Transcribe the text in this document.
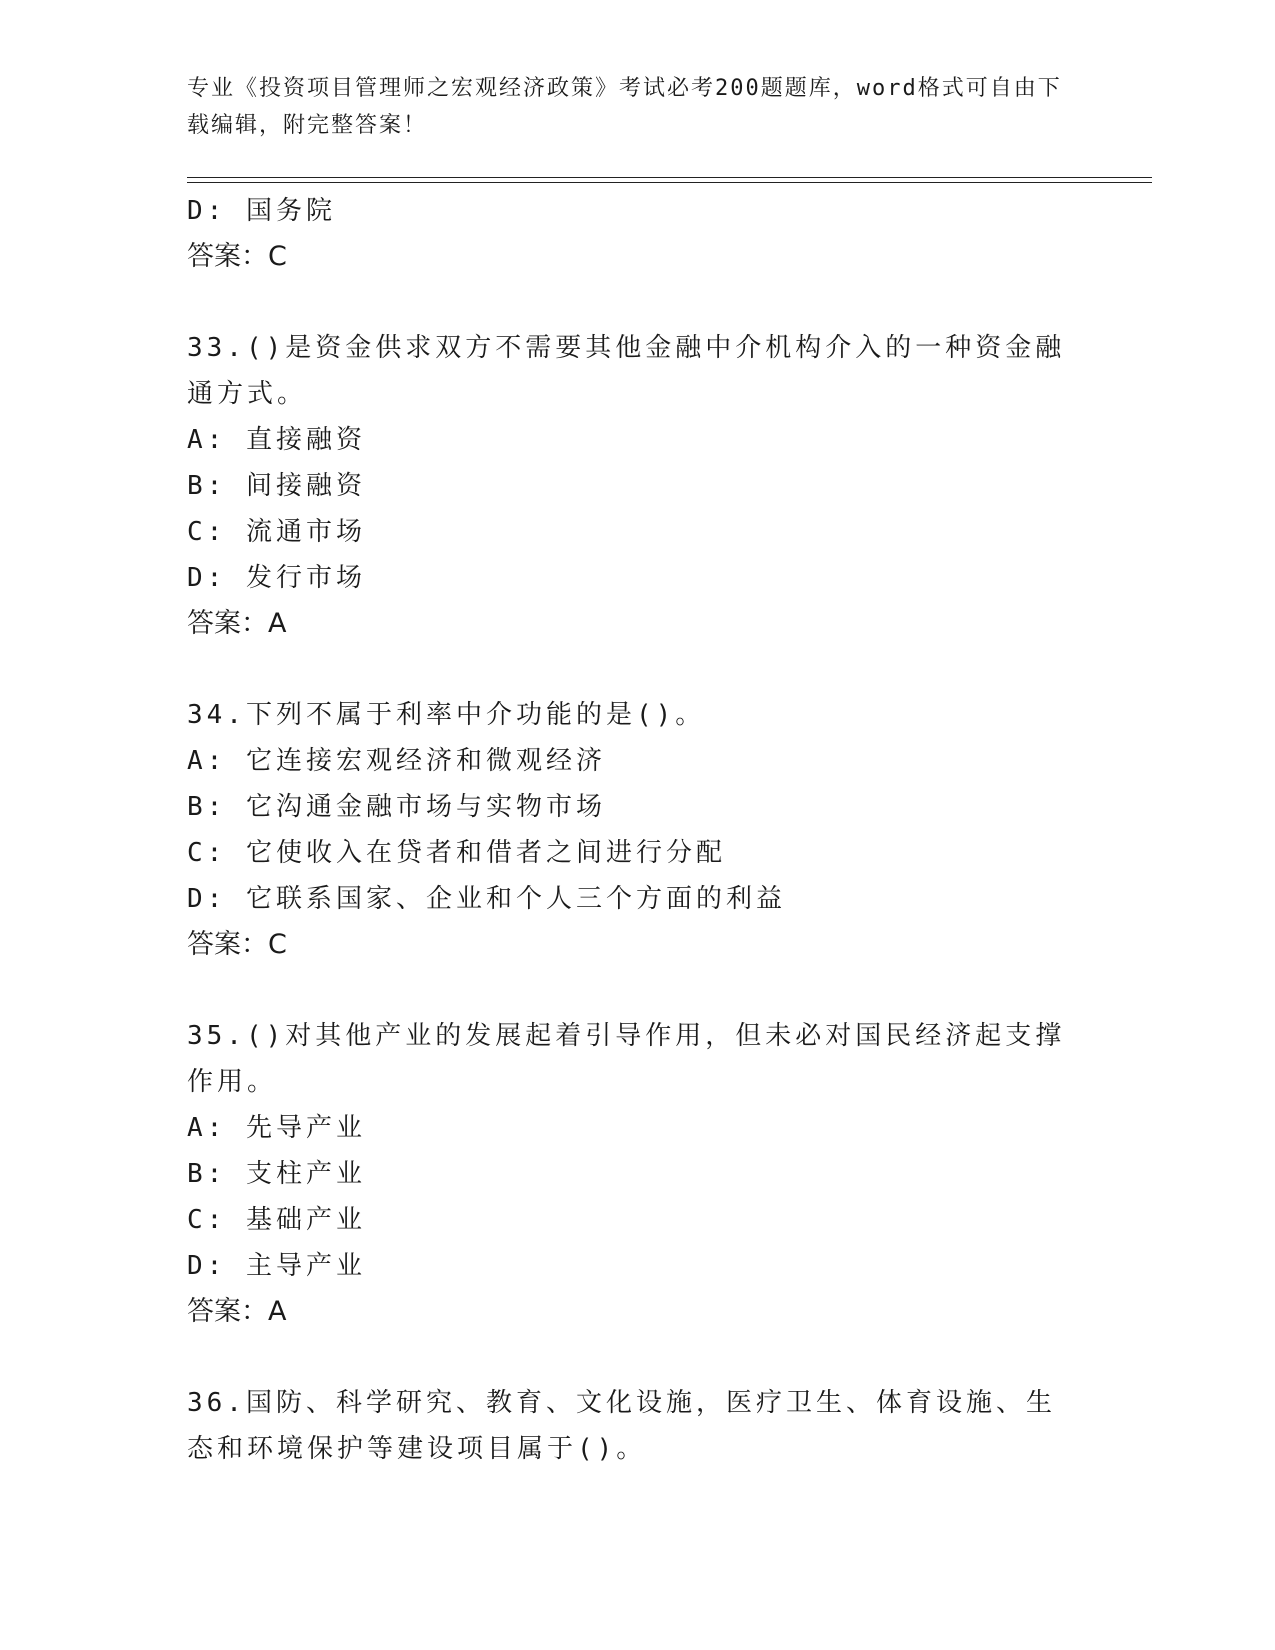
专业《投资项目管理师之宏观经济政策》考试必考200题题库，word格式可自由下载编辑，附完整答案！

D: 国务院

答案：C

33.()是资金供求双方不需要其他金融中介机构介入的一种资金融通方式。

A: 直接融资

B: 间接融资

C: 流通市场

D: 发行市场

答案：A

34.下列不属于利率中介功能的是()。

A: 它连接宏观经济和微观经济

B: 它沟通金融市场与实物市场

C: 它使收入在贷者和借者之间进行分配

D: 它联系国家、企业和个人三个方面的利益

答案：C

35.()对其他产业的发展起着引导作用，但未必对国民经济起支撑作用。

A: 先导产业

B: 支柱产业

C: 基础产业

D: 主导产业

答案：A

36.国防、科学研究、教育、文化设施，医疗卫生、体育设施、生态和环境保护等建设项目属于()。
